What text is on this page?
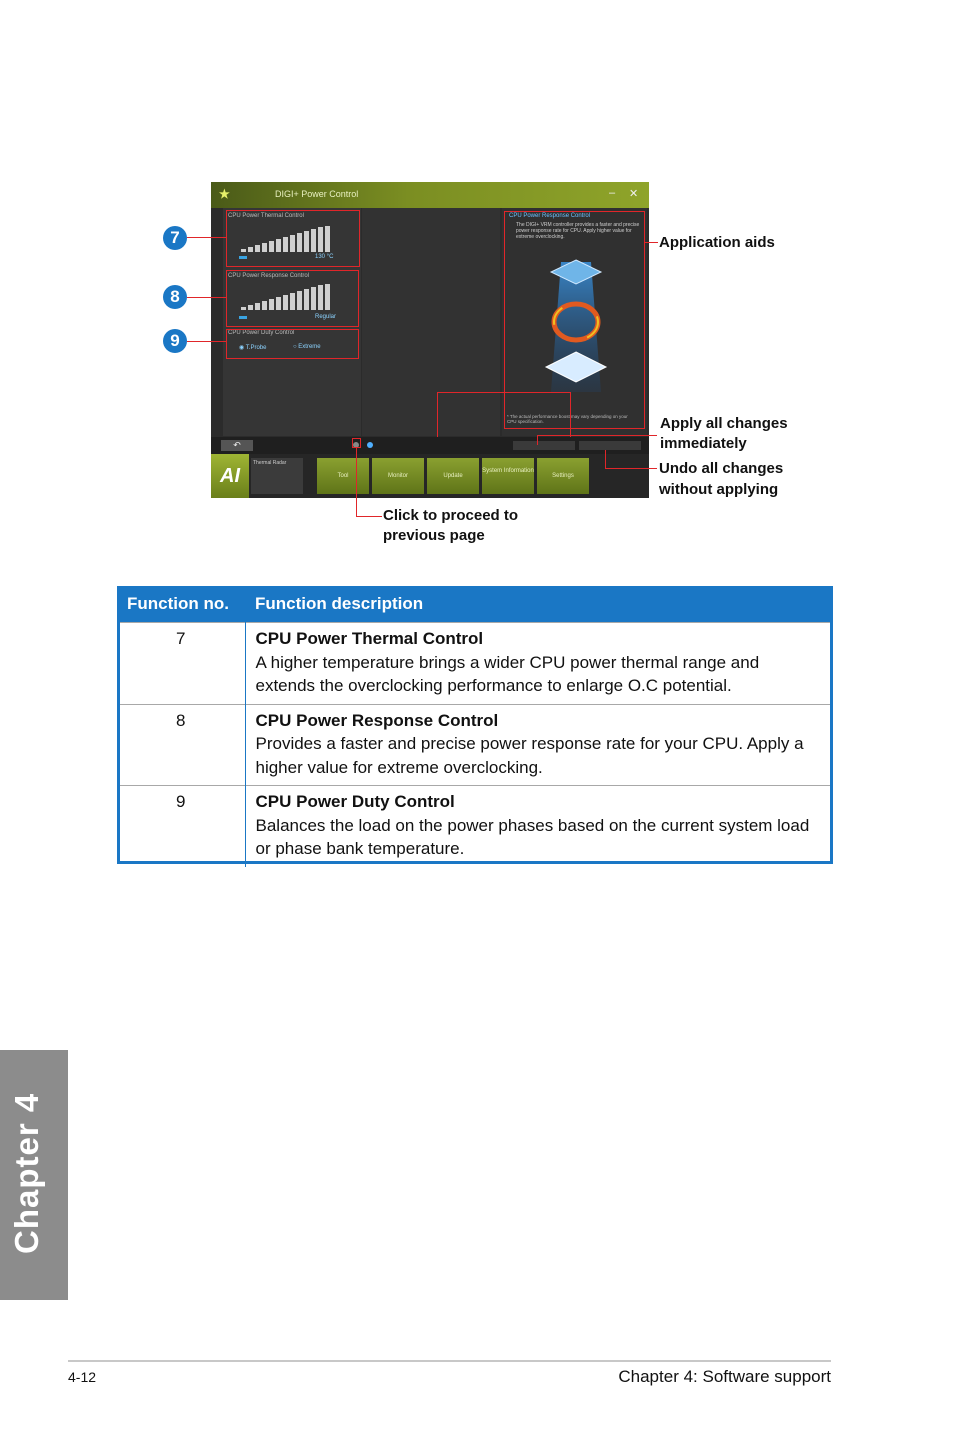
★	DIGI+ Power Control	– ✕
CPU Power Thermal Control
130 °C
CPU Power Response Control
Regular
CPU Power Duty Control
◉ T.Probe	○ Extreme
CPU Power Response Control
The DIGI+ VRM controller provides a faster and precise power response rate for CPU. Apply higher value for extreme overclocking.
* The actual performance boost may vary depending on your CPU specification.
↶
AI
Thermal Radar
Tool	Monitor	Update
System Information
Settings
7
8
9
Application aids
Apply all changes
immediately
Undo all changes
without applying
Click to proceed to
previous page
Function no.	Function description
7	CPU Power Thermal Control
A higher temperature brings a wider CPU power thermal range and extends the overclocking performance to enlarge O.C potential.
8	CPU Power Response Control
Provides a faster and precise power response rate for your CPU. Apply a higher value for extreme overclocking.
9	CPU Power Duty Control
Balances the load on the power phases based on the current system load or phase bank temperature.
Chapter 4
4-12	Chapter 4: Software support
